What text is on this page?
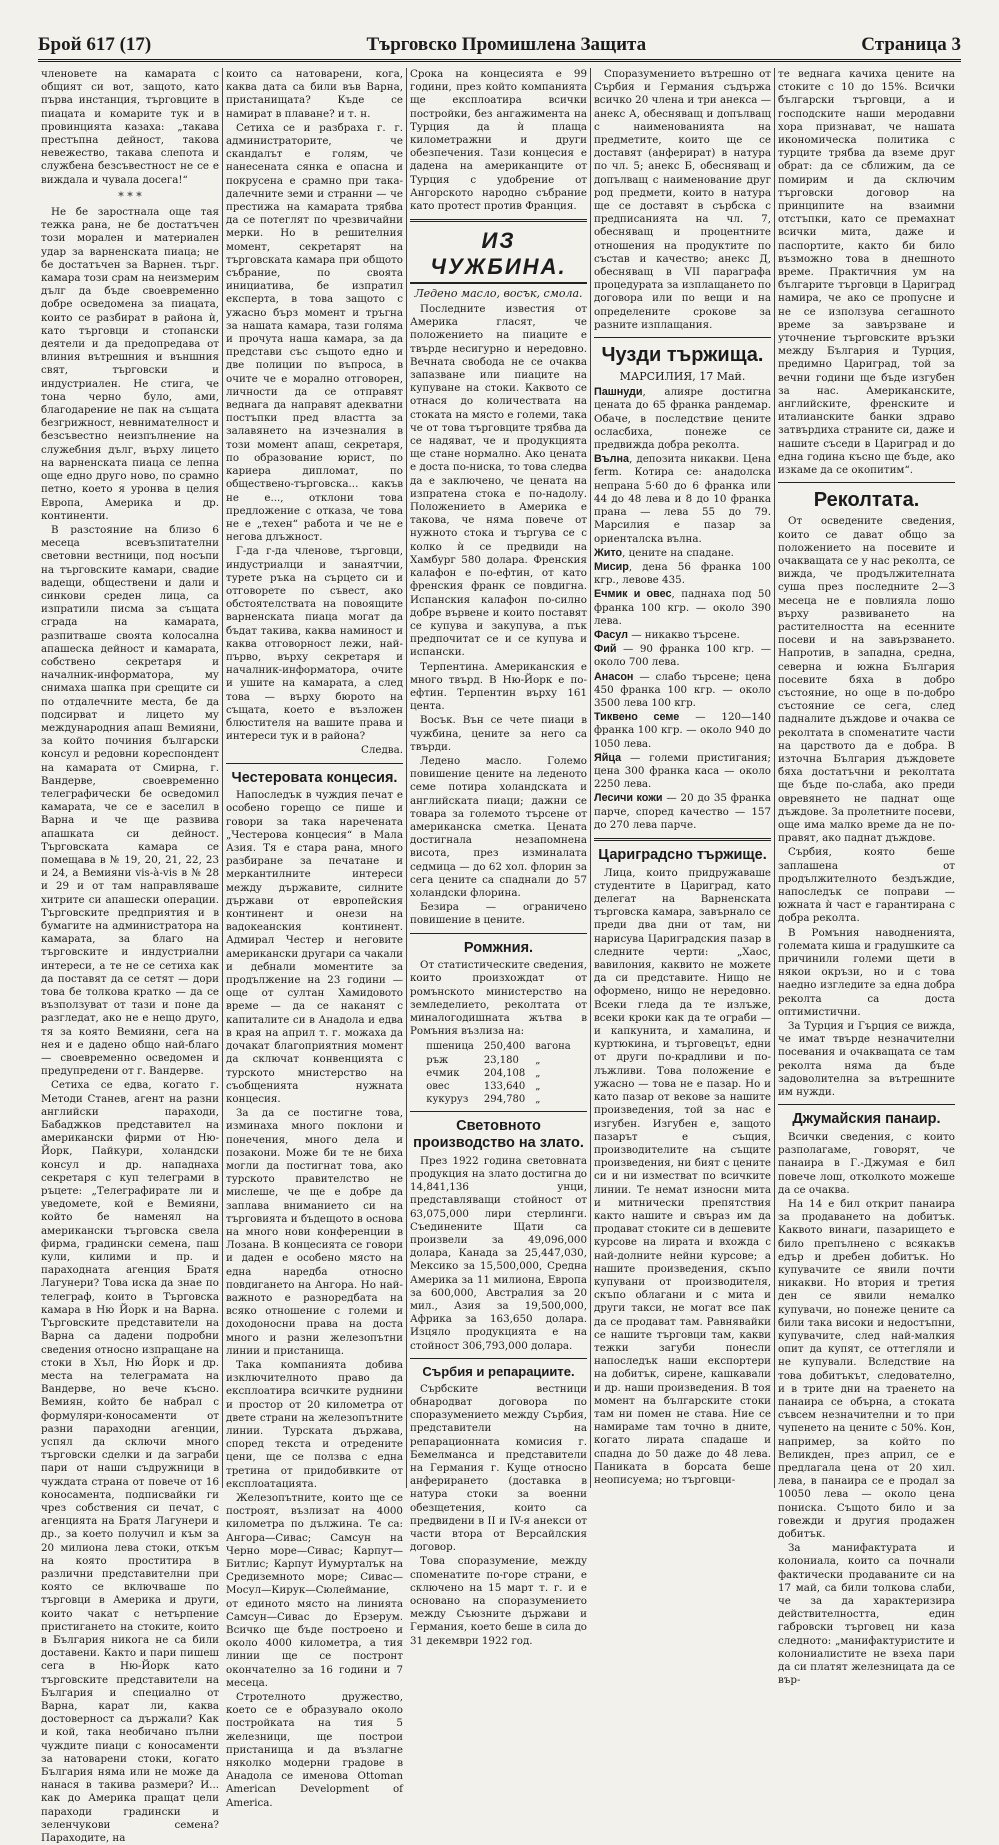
Брой 617 (17)	Търговско Промишлена Защита	Страница 3

членовете на камарата с общият си вот, защото, като първа инстанция, търговците в пиацата и комарите тук и в провинцията казаха: „такава престъпна дейност, такова невежество, такава слепота и службена безсъвестност не се е виждала и чувала досега!“

* * *

Не бе заростнала още тая тежка рана, не бе достатъчен този морален и материален удар за варненската пиаца; не бе достатъчен за Варнен. търг. камара този срам на неизмерим дълг да бъде своевременно добре осведомена за пиацата, които се разбират в района ѝ, като търговци и стопански деятели и да предопредава от влиния вътрешния и външния свят, търговски и индустриален. Не стига, че тона черно було, ами, благодарение не пак на същата безгрижност, невнимателност и безсъвестно неизпълнение на служебния дълг, върху лицето на варненската пиаца се лепна още едно друго ново, по срамно петно, което я уронва в целия Европа, Америка и др. континенти.

В разстояние на близо 6 месеца всевъзпитателни световни вестници, под носъпи на търговските камари, свадие вадещи, обществени и дали и синкови среден лица, са изпратили писма за същата сграда на камарата, разпитваше своята колосална апашеска дейност и камарата, собствено секретаря и началник-информатора, му снимаха шапка при срещите си по отдалечните места, бе да подсирват и лицето му международния апаш Вемияни, за който починия български консул и редовни кореспондент на камарата от Смирна, г. Вандерве, своевременно телеграфически бе осведомил камарата, че се е заселил в Варна и че ще развива апашката си дейност. Търговската камара се помещава в № 19, 20, 21, 22, 23 и 24, а Вемияни vis-à-vis в № 28 и 29 и от там направляваше хитрите си апашески операции. Търговските предприятия и в бумагите на администратора на камарата, за благо на търговските и индустриални интереси, а те не се сетиха как да поставят да се сетят — дори това бе толкова кратко — да се възползуват от тази и поне да разгледат, ако не е нещо друго, тя за която Вемияни, сега на нея и е дадено общо най-благо — своевременно осведомен и предупредени от г. Вандерве.

Сетиха се едва, когато г. Методи Станев, агент на разни английски параходи, Бабаджков представител на американски фирми от Ню-Йорк, Пайкури, холандски консул и др. нападнаха секретаря с куп телеграми в ръцете: „Телеграфирате ли и уведомете, кой е Вемияни, който бе наменял на американски търговска свела фирма, градински семена, паш кули, килими и пр. и параходната агенция Братя Лагунери? Това иска да знае по телеграф, които в Търговска камара в Ню Йорк и на Варна. Търговските представители на Варна са дадени подробни сведения относно изпращане на стоки в Хъл, Ню Йорк и др. места на телеграмата на Вандерве, но вече късно. Вемиян, който бе набрал с формуляри-коносаменти от разни параходни агенции, успял да сключи много търговски сделки и да заграби пари от наши съдружници в чуждата страна от повече от 16 коносамента, подписвайки ги чрез собствения си печат, с агенцията на Братя Лагунери и др., за което получил и към за 20 милиона лева стоки, откъм на която проститира в различни представителни при която се включваше по търговци в Америка и други, които чакат с нетърпение пристигането на стоките, които в България никога не са били доставени. Както и пари пишеш сега в Ню-Йорк като търговските представители на България и специално от Варна, карат ли, каква достоверност са държали? Как и кой, така необичано пълни чуждите пиаци с коносаменти за натоварени стоки, когато България няма или не може да нанася в такива размери? И... как до Америка пращат цели параходи градински и зеленчукови семена? Параходите, на

които са натоварени, кога, каква дата са били във Варна, пристанищата? Къде се намират в плаване? и т. н.

Сетиха се и разбраха г. г. администраторите, че скандалът е голям, че нанесената сянка е опасна и покрусена е срамно при така-далечните земи и странни — че престижа на камарата трябва да се потеглят по чрезвичайни мерки. Но в решителния момент, секретарят на търговската камара при общото събрание, по своята инициатива, бе изпратил експерта, в това защото с ужасно бърз момент и тръгна за нашата камара, тази голяма и прочута наша камара, за да представи със същото едно и две полиции по въпроса, в очите че е морално отговорен, личности да се отправят веднага да направят адекватни постъпки пред властта за залавянето на изчезналия в този момент апаш, секретаря, по образование юрист, по кариера дипломат, по обществено-търговска... какъв не е..., отклони това предложение с отказа, че това не е „техен“ работа и че не е негова длъжност.

Г-да г-да членове, търговци, индустриалци и занаятчии, турете ръка на сърцето си и отговорете по съвест, ако обстоятелствата на повоящите варненската пиаца могат да бъдат такива, каква наминост и каква отговорност лежи, най-първо, върху секретаря и началник-информатора, очите и ушите на камарата, а след това — върху бюрото на същата, което е възложен блюстителя на вашите права и интереси тук и в района?

Следва.

Честеровата концесия.

Напоследък в чуждия печат е особено горещо се пише и говори за така наречената „Честерова концесия“ в Мала Азия. Тя е стара рана, много разбиране за печатане и меркантилните интереси между държавите, силните държави от европейския континент и онези на вадокеанския континент. Адмирал Честер и неговите американски другари са чакали и дебнали моментите за продължение на 23 години — още от султан Хамидовото време — да се наканят с капиталите си в Анадола и едва в края на април т. г. можаха да дочакат благоприятния момент да сключат конвенцията с турското мнистерство на съобщенията нужната концесия.

За да се постигне това, изминаха много поклони и понечения, много дела и позакони. Може би те не биха могли да постигнат това, ако турското правителство не мислеше, че ще е добре да заплава вниманието си на търговията и бъдещото в основа на много нови конференции в Лозана. В концесията се говори и даден е особено място на една наредба относно повдигането на Ангора. Но най-важното е разноредбата на всяко отношение с големи и доходоносни права на доста много и разни железопътни линии и пристанища.

Така компанията добива изключителното право да експлоатира всичките руднини и простор от 20 километра от двете страни на железопътните линии. Турската държава, според текста и отредените цени, ще се ползва с една третина от придобивките от експлоатацията.

Железопътните, които ще се построят, възлизат на 4000 километра по дължина. Те са: Ангора—Сивас; Самсун на Черно море—Сивас; Карпут—Битлис; Карпут Иумурталък на Средиземното море; Сивас—Мосул—Кирук—Сюлеймание, от единото място на линията Самсун—Сивас до Ерзерум. Всичко ще бъде построено и около 4000 километра, а тия линии ще се постронт окончателно за 16 години и 7 месеца.

Стротелното дружество, което се е образувало около постройката на тия 5 железници, ще построи пристанища и да възлагне няколко модерни градове в Анадола се именова Ottoman American Development of America.

Срока на концесията е 99 години, през който компанията ще експлоатира всички постройки, без ангажимента на Турция да ѝ плаща километражни и други обезпечения. Тази концесия е дадена на американците от Турция с удобрение от Ангорското народно събрание като протест против Франция.

ИЗ ЧУЖБИНА.
Ледено масло, восък, смола.

Последните известия от Америка гласят, че положението на пиаците е твърде несигурно и нередовно. Вечната свобода не се очаква запазване или пиаците на купуване на стоки. Каквото се отнася до количествата на стоката на място е големи, така че от това търговците трябва да се надяват, че и продукцията ще стане нормално. Ако цената е доста по-ниска, то това следва да е заключено, че цената на изпратена стока е по-надолу. Положението в Америка е такова, че няма повече от нужното стока и търгува се с колко ѝ се предвиди на Хамбург 580 долара. Френския калафон е по-ефтин, от като френския франк се повдигна. Испанския калафон по-силно добре вървене и които поставят се купува и закупува, а пък предпочитат се и се купува и испански.

Терпентина. Американския е много твърд. В Ню-Йорк е по-ефтин. Терпентин върху 161 цента.

Восък. Вън се чете пиаци в чужбина, цените за него са твърди.

Ледено масло. Големо повишение цените на леденото семе потира холандската и английската пиаци; дажни се товара за големото търсене от американска сметка. Цената достигнала незапомнена висота, през изминалата седмица — до 62 хол. флорин за сега цените са спаднали до 57 холандски флорина.

Безира — ограничено повишение в цените.

Ромжния.

От статистическите сведения, които произхождат от ромънското министерство на земледелието, реколтата от миналогодишната жътва в Ромъния възлиза на:

пшеница	250,400	вагона
ръж	23,180	„
ечмик	204,108	„
овес	133,640	„
кукуруз	294,780	„
Световното производство на злато.

През 1922 година световната продукция на злато достигна до 14,841,136 унци, представляващи стойност от 63,075,000 лири стерлинги. Съединените Щати са произвели за 49,096,000 долара, Канада за 25,447,030, Мексико за 15,500,000, Средна Америка за 11 милиона, Европа за 600,000, Австралия за 20 мил., Азия за 19,500,000, Африка за 163,650 долара. Изцяло продукцията е на стойност 306,793,000 долара.

Сърбия и репарациите.

Сърбските вестници обнародват договора по споразумението между Сърбия, представители на репарационната комисия г. Бемелманса и представители на Германия г. Куще относно анферирането (доставка в натура стоки за военни обезщетения, които са предвидени в II и IV-я анекси от части втора от Версайлския договор.

Това споразумение, между споменатите по-горе страни, е сключено на 15 март т. г. и е основано на споразумението между Съюзните държави и Германия, което беше в сила до 31 декември 1922 год.

Споразумението вътрешно от Сърбия и Германия съдържа всичко 20 члена и три анекса — анекс А, обесняващ и допълващ с наименованията на предметите, които ще се доставят (анферират) в натура по чл. 5; анекс Б, обесняващ и допълващ с наименование друг род предмети, които в натура ще се доставят в сърбска с предписанията на чл. 7, обесняващ и процентните отношения на продуктите по състав и качество; анекс Д, обесняващ в VII параграфа процедурата за изплащането по договора или по вещи и на определените срокове за разните изплащания.

Чузди тържища.
МАРСИЛИЯ, 17 Май.

Пашнуди, алияре достигна цената до 65 франка рандемар. Обаче, в последствие цените осласбиха, понеже се предвижда добра реколта.

Вълна, депозита никакви. Цена ferm. Котира се: анадолска непрана 5·60 до 6 франка или 44 до 48 лева и 8 до 10 франка прана — лева 55 до 79. Марсилия е пазар за ориенталска вълна.

Жито, цените на спадане.

Мисир, дена 56 франка 100 кгр., левове 435.

Ечмик и овес, паднаха под 50 франка 100 кгр. — около 390 лева.

Фасул — никакво търсене.

Фий — 90 франка 100 кгр. — около 700 лева.

Анасон — слабо търсене; цена 450 франка 100 кгр. — около 3500 лева 100 кгр.

Тиквено семе — 120—140 франка 100 кгр. — около 940 до 1050 лева.

Яйца — големи пристигания; цена 300 франка каса — около 2250 лева.

Лесичи кожи — 20 до 35 франка парче, според качество — 157 до 270 лева парче.

Цариградсно тържище.

Лица, които придружаваше студентите в Цариград, като делегат на Варненската търговска камара, завърнало се преди два дни от там, ни нарисува Цариградския пазар в следните черти: „Хаос, вавилония, каквито не можете да си представите. Нищо не оформено, нищо не нередовно. Всеки гледа да те излъже, всеки кроки как да те ограби — и капкунита, и хамалина, и куртюкина, и търговецът, едни от други по-крадливи и по-лъжливи. Това положение е ужасно — това не е пазар. Но и като пазар от векове за нашите произведения, той за нас е изгубен. Изгубен е, защото пазарът е същия, производителите на същите произведения, ни бият с цените си и ни изместват по всичките линии. Те немат износни мита и митнически препятствия както нашите и свъраз им да продават стоките си в дешевите курсове на лирата и вхожда с най-долните нейни курсове; а нашите произведения, скъпо купувани от производителя, скъпо облагани и с мита и други такси, не могат все пак да се продават там. Равнявайки се нашите търговци там, какви тежки загуби понесли напоследък наши експортери на добитък, сирене, кашкавали и др. наши произведения. В тоя момент на българските стоки там ни помен не става. Ние се намираме там точно в дните, когато лирата спадаше и спадна до 50 даже до 48 лева. Паниката в борсата беше неописуема; но търговци-

те веднага качиха цените на стоките с 10 до 15%. Всички български търговци, а и господските наши меродавни хора признават, че нашата икономическа политика с турците трябва да вземе друг обрат: да се сближим, да се помирим и да сключим търговски договор на принципите на взаимни отстъпки, като се премахнат всички мита, даже и паспортите, както би било възможно това в днешното време. Практичния ум на българите търговци в Цариград намира, че ако се пропусне и не се използува сегашното време за завързване и уточнение търговските връзки между България и Турция, предимно Цариград, той за вечни години ще бъде изгубен за нас. Американските, английските, френските и италианските банки здраво затвърдиха страните си, даже и нашите съседи в Цариград и до една година късно ще бъде, ако изкаме да се окопитим“.

Реколтата.

От осведените сведения, които се дават общо за положението на посевите и очакващата се у нас реколта, се вижда, че продължителната суша през последните 2—3 месеца не е повлияла лошо върху развиването на растителността на есенните посеви и на завързването. Напротив, в западна, средна, северна и южна България посевите бяха в добро състояние, но още в по-добро състояние се сега, след падналите дъждове и очаква се реколтата в споменатите части на царството да е добра. В източна България дъждовете бяха достатъчни и реколтата ще бъде по-слаба, ако преди овревянето не паднат още дъждове. За пролетните посеви, още има малко време да не по-правят, ако паднат дъждове.

Сърбия, която беше заплашена от продължителното бездъждие, напоследък се поправи — южната ѝ част е гарантирана с добра реколта.

В Ромъния наводненията, големата киша и градушките са причинили големи щети в някои окръзи, но и с това наедно изгледите за една добра реколта са доста оптимистични.

За Турция и Гърция се вижда, че имат твърде незначителни посевания и очакващата се там реколта няма да бъде задоволителна за вътрешните им нужди.

Джумайския панаир.

Всички сведения, с които разполагаме, говорят, че панаира в Г.-Джумая е бил повече лош, отколкото можеше да се очаква.

На 14 е бил открит панаира за продаването на добитък. Каквото винаги, пазарището е било препълнено с всякакъв едър и дребен добитък. Но купувачите се явили почти никакви. Но втория и третия ден се явили немалко купувачи, но понеже цените са били така високи и недостъпни, купувачите, след най-малкия опит да купят, се оттегляли и не купували. Вследствие на това добитъкът, следователно, и в трите дни на траенето на панаира се обърна, а стоката съвсем незначителни и то при чупенето на цените с 50%. Кон, например, за който по Великден, през април, се е предлагала цена от 20 хил. лева, в панаира се е продал за 10050 лева — около цена пониска. Същото било и за говежди и другия продажен добитък.

За манифактурата и колониала, които са почнали фактически продаваните си на 17 май, са били толкова слаби, че за да характеризира действителността, един габровски търговец ни каза следното: „манифактуристите и колониалистите не взеха пари да си платят железницата да се вър-
